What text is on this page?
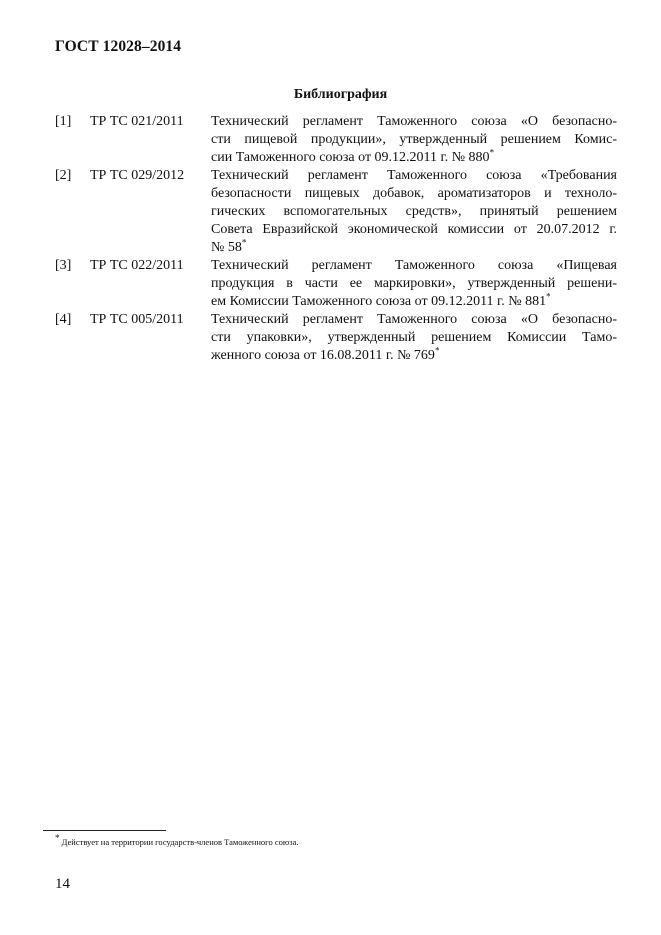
ГОСТ 12028–2014
Библиография
[1]	ТР ТС 021/2011	Технический регламент Таможенного союза «О безопасно-
сти пищевой продукции», утвержденный решением Комис-
сии Таможенного союза от 09.12.2011 г. № 880*
[2]	ТР ТС 029/2012	Технический регламент Таможенного союза «Требования
безопасности пищевых добавок, ароматизаторов и техноло-
гических вспомогательных средств», принятый решением
Совета Евразийской экономической комиссии от 20.07.2012 г.
№ 58*
[3]	ТР ТС 022/2011	Технический регламент Таможенного союза «Пищевая
продукция в части ее маркировки», утвержденный решени-
ем Комиссии Таможенного союза от 09.12.2011 г. № 881*
[4]	ТР ТС 005/2011	Технический регламент Таможенного союза «О безопасно-
сти упаковки», утвержденный решением Комиссии Тамо-
женного союза от 16.08.2011 г. № 769*
* Действует на территории государств-членов Таможенного союза.
14
